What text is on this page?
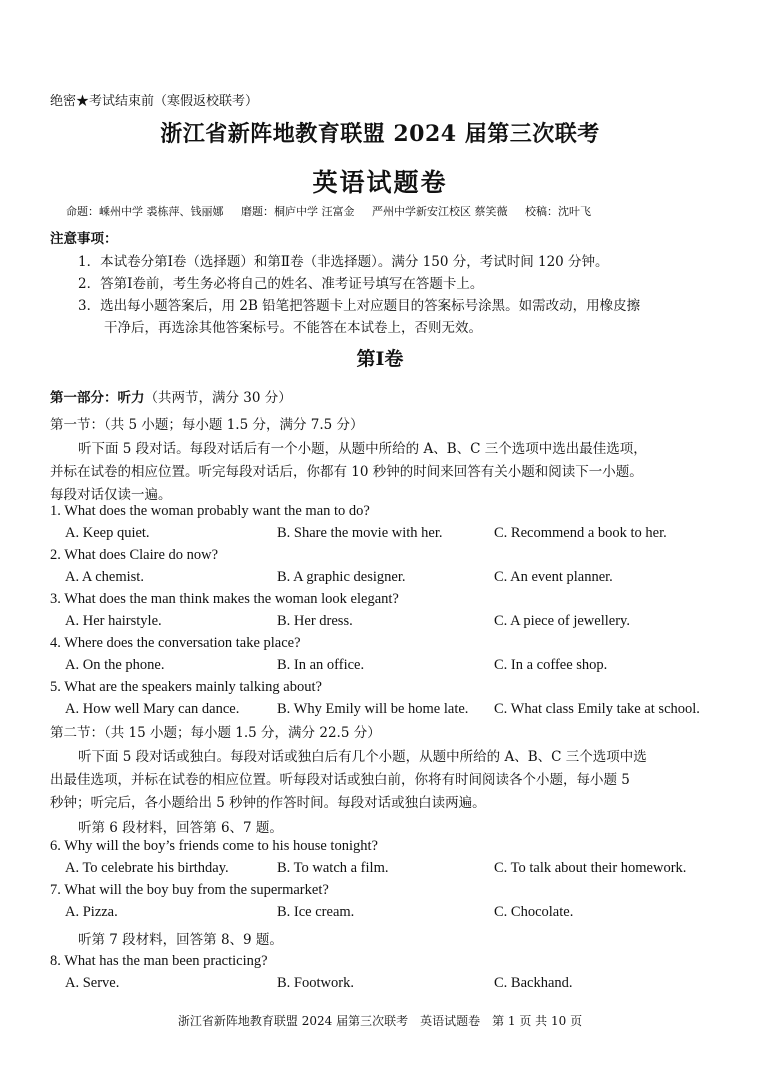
绝密★考试结束前（寒假返校联考）
浙江省新阵地教育联盟 2024 届第三次联考
英语试题卷
命题：嵊州中学 裘栋萍、钱丽娜 磨题：桐庐中学 汪富金 严州中学新安江校区 蔡笑薇 校稿：沈叶飞
注意事项：
1．本试卷分第Ⅰ卷（选择题）和第Ⅱ卷（非选择题）。满分 150 分，考试时间 120 分钟。
2．答第Ⅰ卷前，考生务必将自己的姓名、准考证号填写在答题卡上。
3．选出每小题答案后，用 2B 铅笔把答题卡上对应题目的答案标号涂黑。如需改动，用橡皮擦
干净后，再选涂其他答案标号。不能答在本试卷上，否则无效。
第Ⅰ卷
第一部分：听力（共两节，满分 30 分）
第一节：（共 5 小题；每小题 1.5 分，满分 7.5 分）
听下面 5 段对话。每段对话后有一个小题，从题中所给的 A、B、C 三个选项中选出最佳选项，
并标在试卷的相应位置。听完每段对话后，你都有 10 秒钟的时间来回答有关小题和阅读下一小题。
每段对话仅读一遍。
1. What does the woman probably want the man to do?
A. Keep quiet.	B. Share the movie with her.	C. Recommend a book to her.
2. What does Claire do now?
A. A chemist.	B. A graphic designer.	C. An event planner.
3. What does the man think makes the woman look elegant?
A. Her hairstyle.	B. Her dress.	C. A piece of jewellery.
4. Where does the conversation take place?
A. On the phone.	B. In an office.	C. In a coffee shop.
5. What are the speakers mainly talking about?
A. How well Mary can dance.	B. Why Emily will be home late. C. What class Emily take at school.
第二节：（共 15 小题；每小题 1.5 分，满分 22.5 分）
听下面 5 段对话或独白。每段对话或独白后有几个小题，从题中所给的 A、B、C 三个选项中选
出最佳选项，并标在试卷的相应位置。听每段对话或独白前，你将有时间阅读各个小题，每小题 5
秒钟；听完后，各小题给出 5 秒钟的作答时间。每段对话或独白读两遍。
听第 6 段材料，回答第 6、7 题。
6. Why will the boy’s friends come to his house tonight?
A. To celebrate his birthday.	B. To watch a film.	C. To talk about their homework.
7. What will the boy buy from the supermarket?
A. Pizza.	B. Ice cream.	C. Chocolate.
听第 7 段材料，回答第 8、9 题。
8. What has the man been practicing?
A. Serve.	B. Footwork.	C. Backhand.
浙江省新阵地教育联盟 2024 届第三次联考　英语试题卷　第 1 页 共 10 页
